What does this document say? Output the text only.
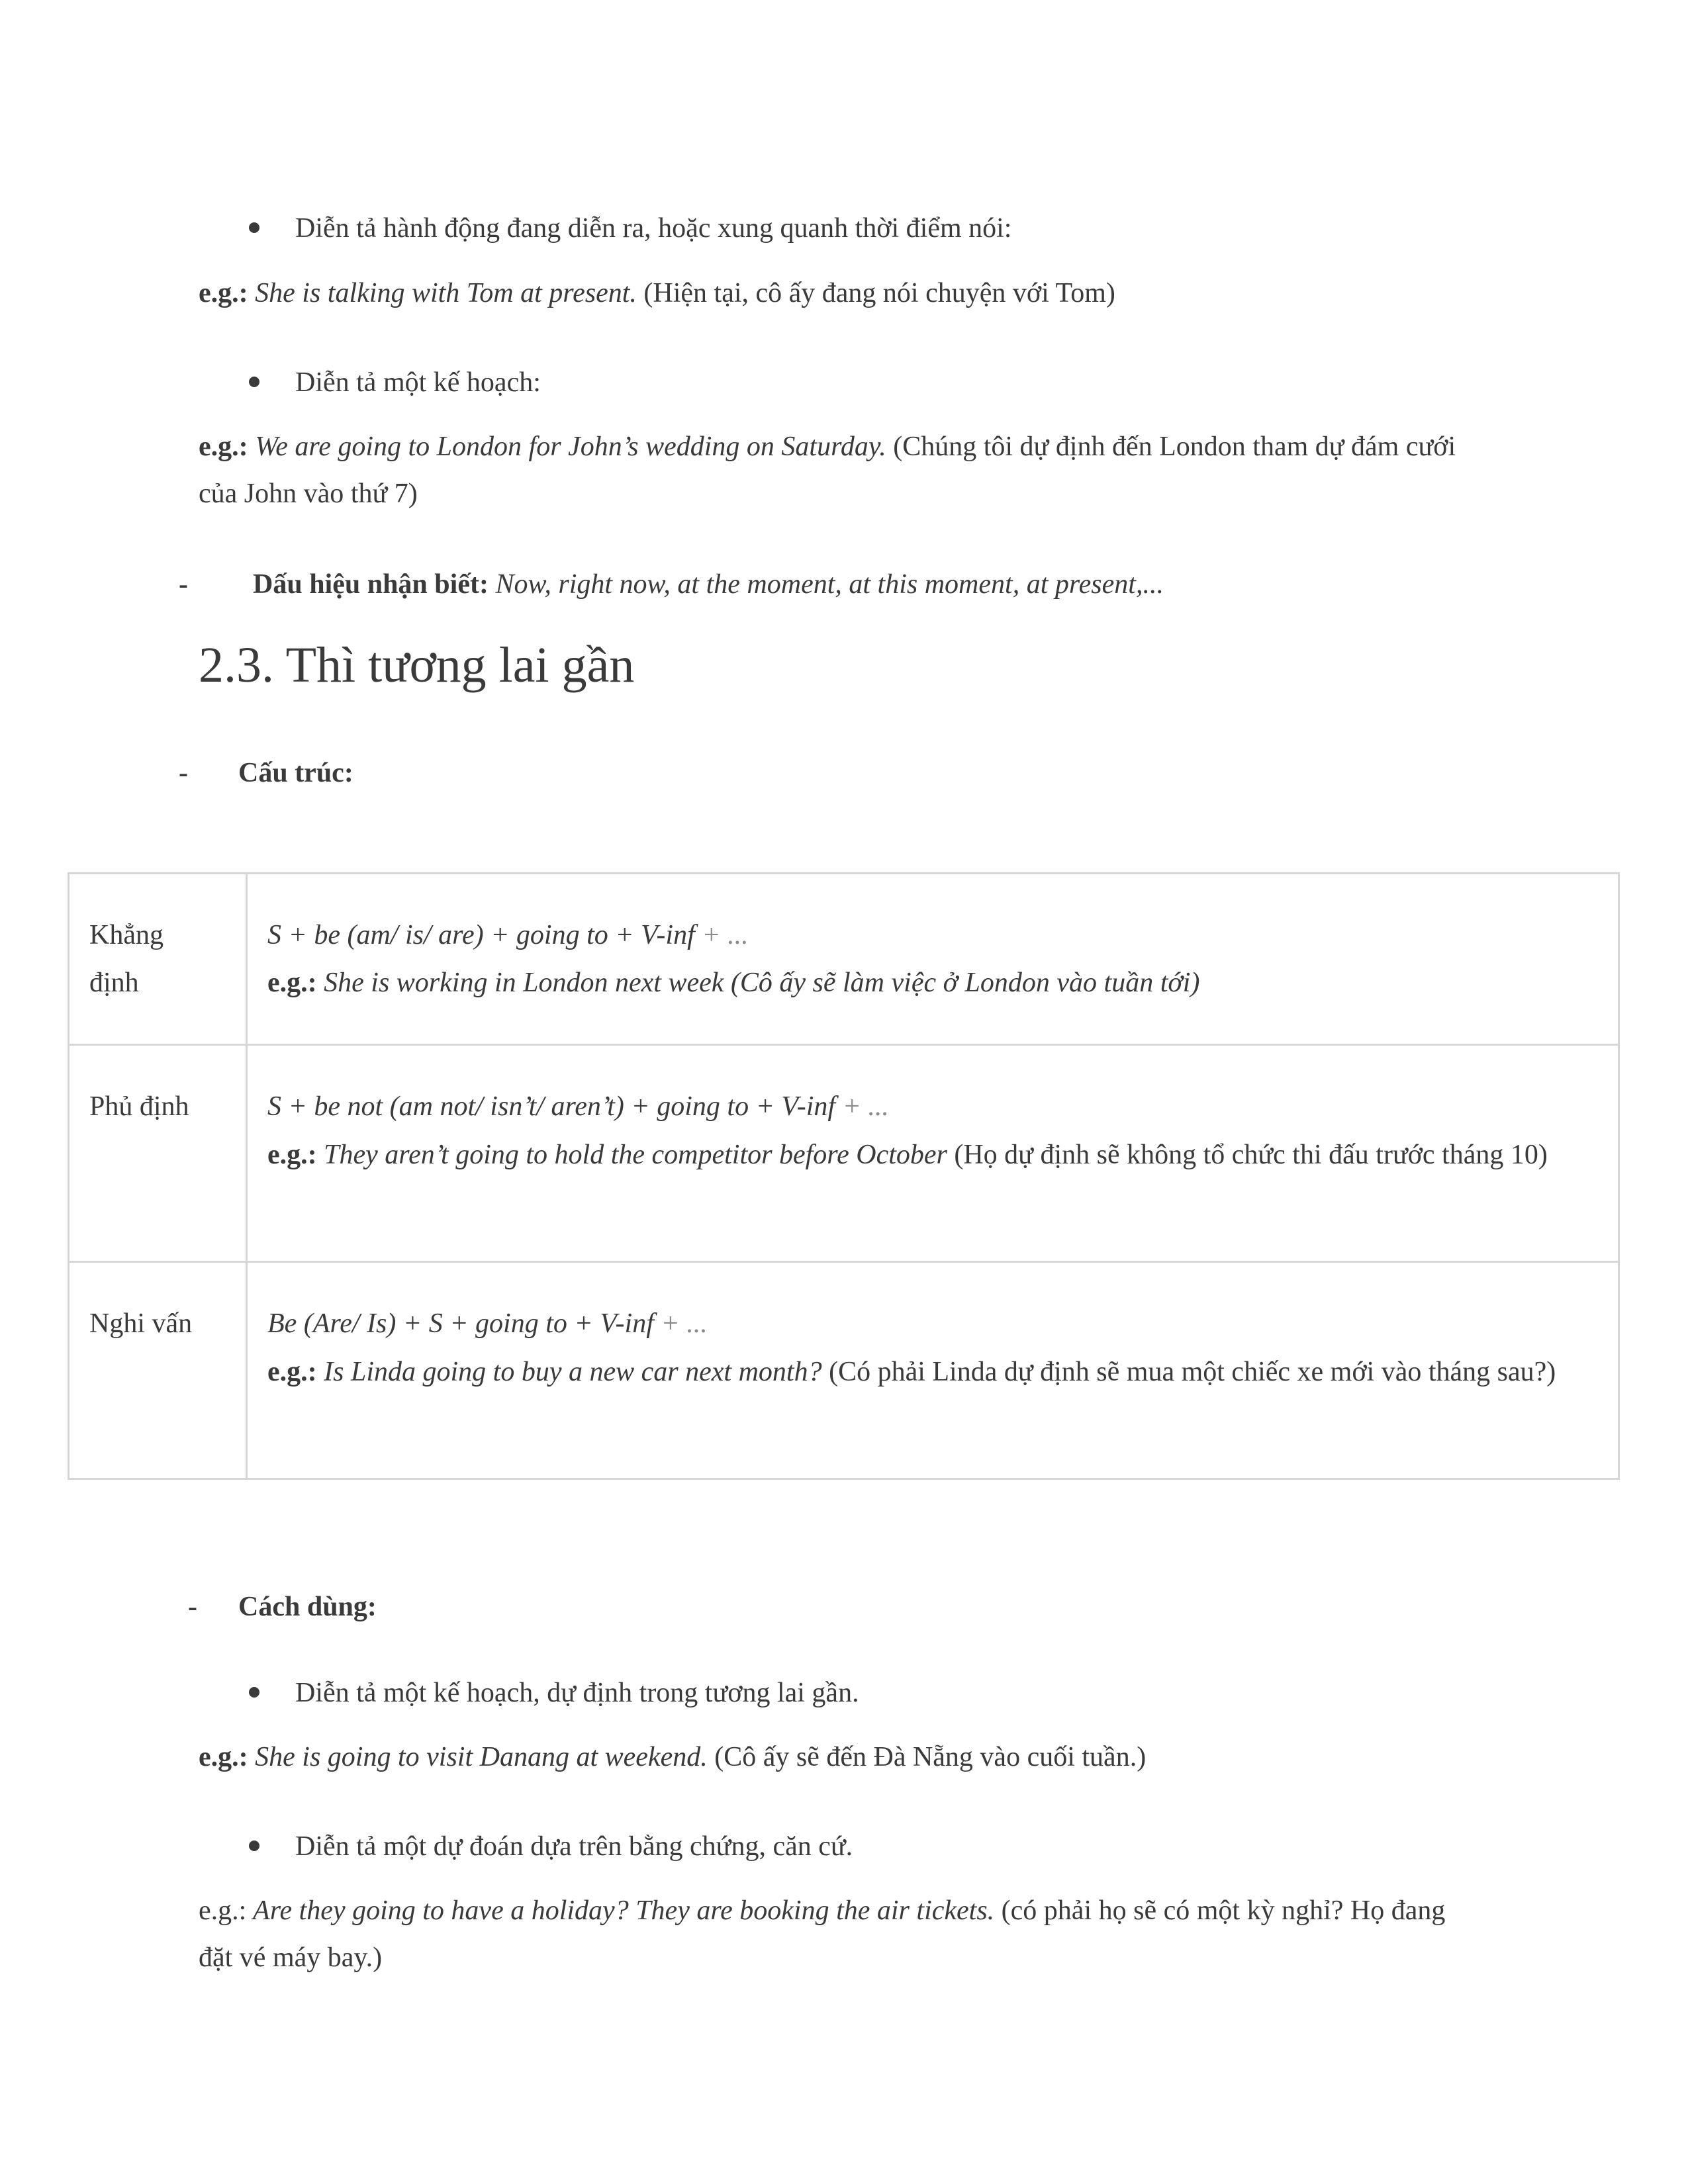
Diễn tả hành động đang diễn ra, hoặc xung quanh thời điểm nói:
e.g.: She is talking with Tom at present. (Hiện tại, cô ấy đang nói chuyện với Tom)
Diễn tả một kế hoạch:
e.g.: We are going to London for John’s wedding on Saturday. (Chúng tôi dự định đến London tham dự đám cưới của John vào thứ 7)
- Dấu hiệu nhận biết: Now, right now, at the moment, at this moment, at present,...
2.3. Thì tương lai gần
- Cấu trúc:
Khẳng định	S + be (am/ is/ are) + going to + V-inf + ...
e.g.: She is working in London next week (Cô ấy sẽ làm việc ở London vào tuần tới)

Phủ định	S + be not (am not/ isn’t/ aren’t) + going to + V-inf + ...
e.g.: They aren’t going to hold the competitor before October (Họ dự định sẽ không tổ chức thi đấu trước tháng 10)

Nghi vấn	Be (Are/ Is) + S + going to + V-inf + ...
e.g.: Is Linda going to buy a new car next month? (Có phải Linda dự định sẽ mua một chiếc xe mới vào tháng sau?)
- Cách dùng:
Diễn tả một kế hoạch, dự định trong tương lai gần.
e.g.: She is going to visit Danang at weekend. (Cô ấy sẽ đến Đà Nẵng vào cuối tuần.)
Diễn tả một dự đoán dựa trên bằng chứng, căn cứ.
e.g.: Are they going to have a holiday? They are booking the air tickets. (có phải họ sẽ có một kỳ nghỉ? Họ đang đặt vé máy bay.)
